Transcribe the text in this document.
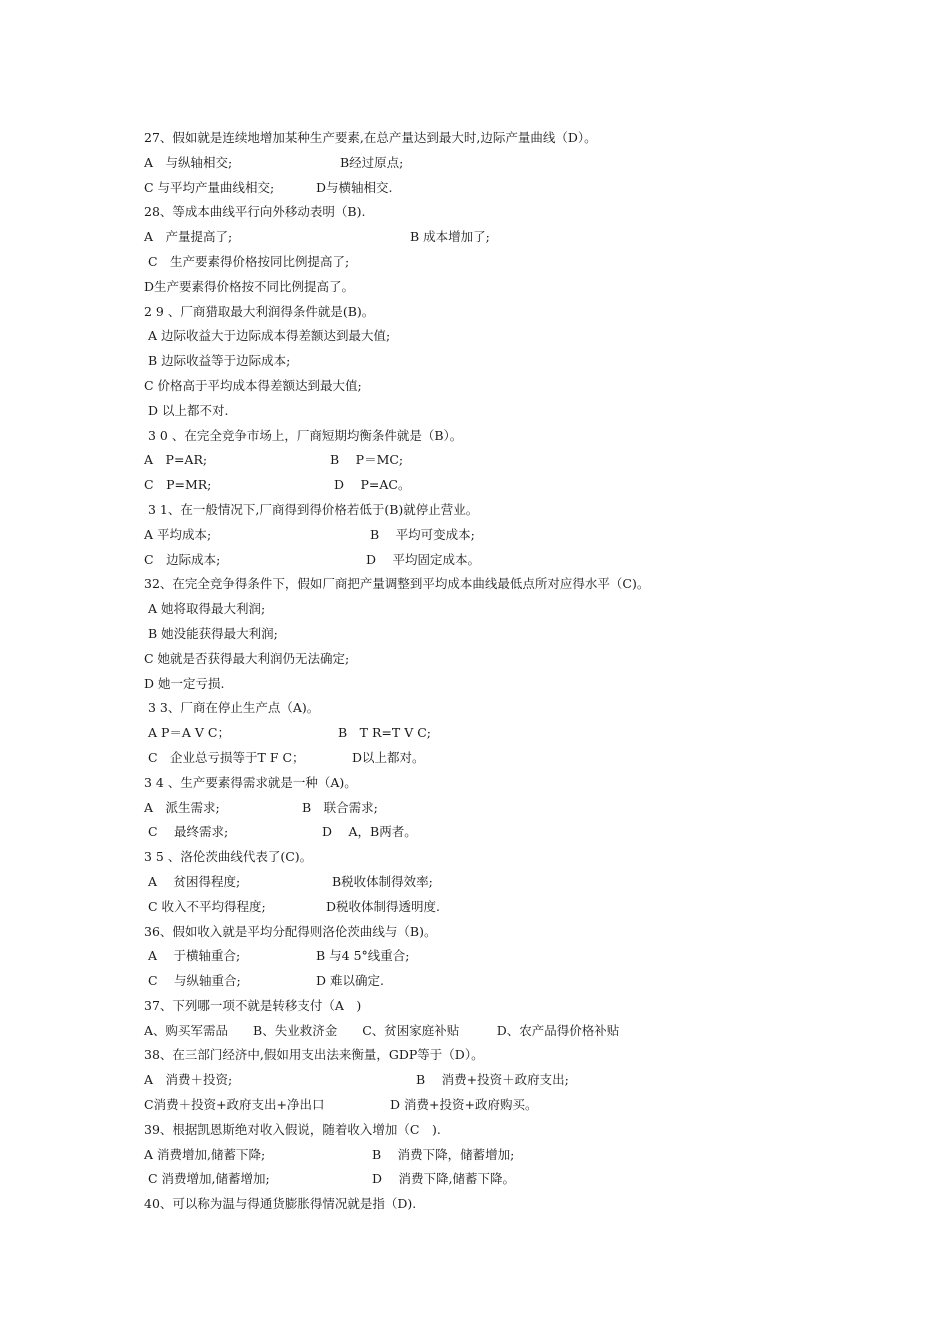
27、假如就是连续地增加某种生产要素,在总产量达到最大时,边际产量曲线（D）。
A　与纵轴相交;	B经过原点;
C 与平均产量曲线相交;	D与横轴相交.
28、等成本曲线平行向外移动表明（B).
A　产量提高了;	B 成本增加了;
C　生产要素得价格按同比例提高了;
D生产要素得价格按不同比例提高了。
2 9 、厂商猎取最大利润得条件就是(B)。
A 边际收益大于边际成本得差额达到最大值;
B 边际收益等于边际成本;
C 价格高于平均成本得差额达到最大值;
D 以上都不对.
3 0 、在完全竞争市场上，厂商短期均衡条件就是（B）。
A　P=AR;	B　 P＝MC;
C　P=MR;	D　 P=AC。
3 1、在一般情况下,厂商得到得价格若低于(B)就停止营业。
A 平均成本;	B　 平均可变成本;
C　边际成本;	D　 平均固定成本。
32、在完全竞争得条件下，假如厂商把产量调整到平均成本曲线最低点所对应得水平（C)。
A 她将取得最大利润;
B 她没能获得最大利润;
C 她就是否获得最大利润仍无法确定;
D 她一定亏损.
3 3、厂商在停止生产点（A)。
A P＝A V C；	B　T R=T V C;
C　企业总亏损等于T F C；	D以上都对。
3 4 、生产要素得需求就是一种（A)。
A　派生需求;	B　联合需求;
C　 最终需求;	D　 A，B两者。
3 5 、洛伦茨曲线代表了(C)。
A　 贫困得程度;	B税收体制得效率;
C 收入不平均得程度;	D税收体制得透明度.
36、假如收入就是平均分配得则洛伦茨曲线与（B)。
A　 于横轴重合;	B 与4 5°线重合;
C　 与纵轴重合;	D 难以确定.
37、下列哪一项不就是转移支付（A　)
A、购买军需品　　B、失业救济金　　C、贫困家庭补贴　　　D、农产品得价格补贴
38、在三部门经济中,假如用支出法来衡量，GDP等于（D）。
A　消费＋投资;	B　 消费+投资＋政府支出;
C消费＋投资+政府支出+净出口	D 消费+投资+政府购买。
39、根据凯恩斯绝对收入假说，随着收入增加（C　).
A 消费增加,储蓄下降;	B　 消费下降，储蓄增加;
C 消费增加,储蓄增加;	D　 消费下降,储蓄下降。
40、可以称为温与得通货膨胀得情况就是指（D).
